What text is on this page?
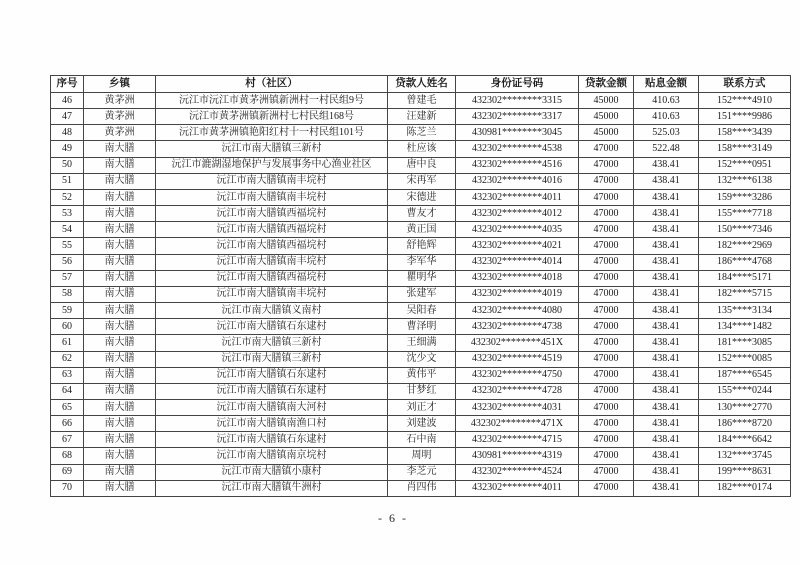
序号	乡镇	村（社区）	贷款人姓名	身份证号码	贷款金额	贴息金额	联系方式
46	黄茅洲	沅江市沅江市黄茅洲镇新洲村一村民组9号	曾建毛	432302********3315	45000	410.63	152****4910
47	黄茅洲	沅江市黄茅洲镇新洲村七村民组168号	汪建新	432302********3317	45000	410.63	151****9986
48	黄茅洲	沅江市黄茅洲镇艳阳红村十一村民组101号	陈芝兰	430981********3045	45000	525.03	158****3439
49	南大膳	沅江市南大膳镇三新村	杜应该	432302********4538	47000	522.48	158****3149
50	南大膳	沅江市漉湖湿地保护与发展事务中心渔业社区	唐中良	432302********4516	47000	438.41	152****0951
51	南大膳	沅江市南大膳镇南丰垸村	宋再军	432302********4016	47000	438.41	132****6138
52	南大膳	沅江市南大膳镇南丰垸村	宋德进	432302********4011	47000	438.41	159****3286
53	南大膳	沅江市南大膳镇西福垸村	曹友才	432302********4012	47000	438.41	155****7718
54	南大膳	沅江市南大膳镇西福垸村	黄正国	432302********4035	47000	438.41	150****7346
55	南大膳	沅江市南大膳镇西福垸村	舒艳辉	432302********4021	47000	438.41	182****2969
56	南大膳	沅江市南大膳镇南丰垸村	李军华	432302********4014	47000	438.41	186****4768
57	南大膳	沅江市南大膳镇西福垸村	瞿明华	432302********4018	47000	438.41	184****5171
58	南大膳	沅江市南大膳镇南丰垸村	张建军	432302********4019	47000	438.41	182****5715
59	南大膳	沅江市南大膳镇义南村	吴阳春	432302********4080	47000	438.41	135****3134
60	南大膳	沅江市南大膳镇石东逮村	曹泽明	432302********4738	47000	438.41	134****1482
61	南大膳	沅江市南大膳镇三新村	王细满	432302********451X	47000	438.41	181****3085
62	南大膳	沅江市南大膳镇三新村	沈少文	432302********4519	47000	438.41	152****0085
63	南大膳	沅江市南大膳镇石东逮村	黄伟平	432302********4750	47000	438.41	187****6545
64	南大膳	沅江市南大膳镇石东逮村	甘梦红	432302********4728	47000	438.41	155****0244
65	南大膳	沅江市南大膳镇南大河村	刘正才	432302********4031	47000	438.41	130****2770
66	南大膳	沅江市南大膳镇南渔口村	刘建波	432302********471X	47000	438.41	186****8720
67	南大膳	沅江市南大膳镇石东逮村	石中南	432302********4715	47000	438.41	184****6642
68	南大膳	沅江市南大膳镇南京垸村	周明	430981********4319	47000	438.41	132****3745
69	南大膳	沅江市南大膳镇小康村	李芝元	432302********4524	47000	438.41	199****8631
70	南大膳	沅江市南大膳镇牛洲村	肖四伟	432302********4011	47000	438.41	182****0174
- 6 -
